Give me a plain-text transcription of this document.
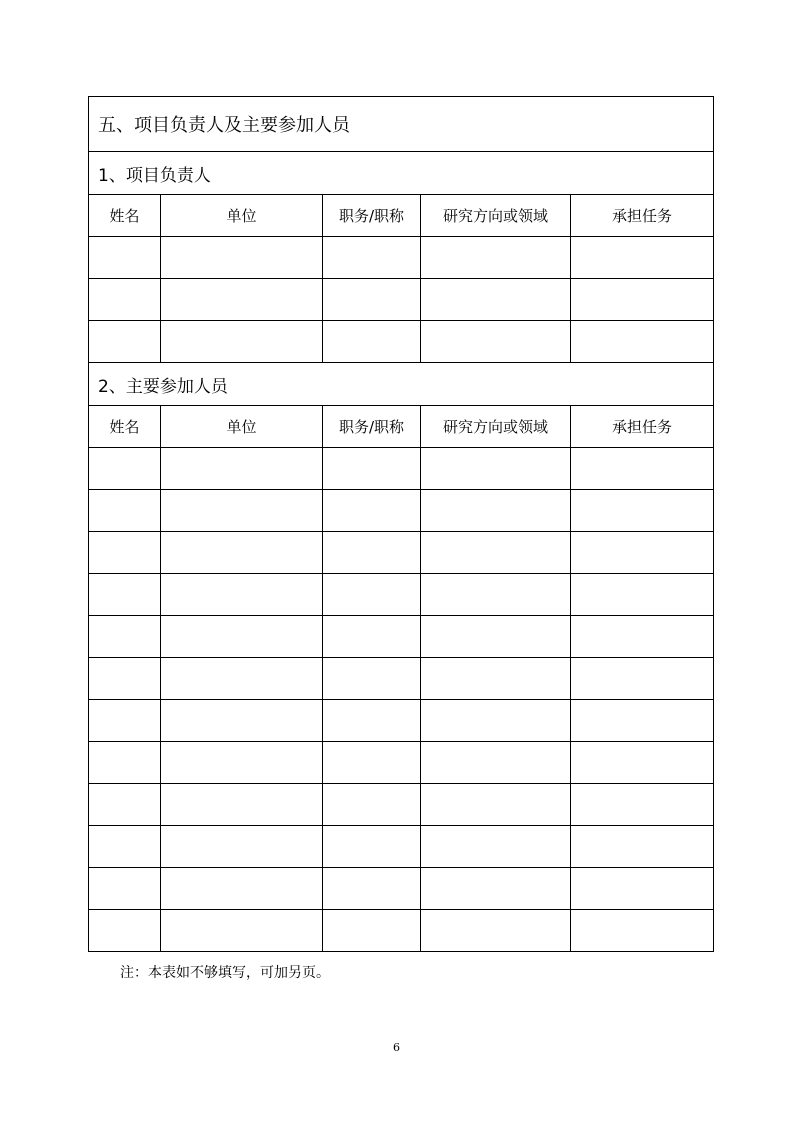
五、项目负责人及主要参加人员				
1、项目负责人				
姓名	单位	职务/职称	研究方向或领域	承担任务

2、主要参加人员				
姓名	单位	职务/职称	研究方向或领域	承担任务

注：本表如不够填写，可加另页。
6
